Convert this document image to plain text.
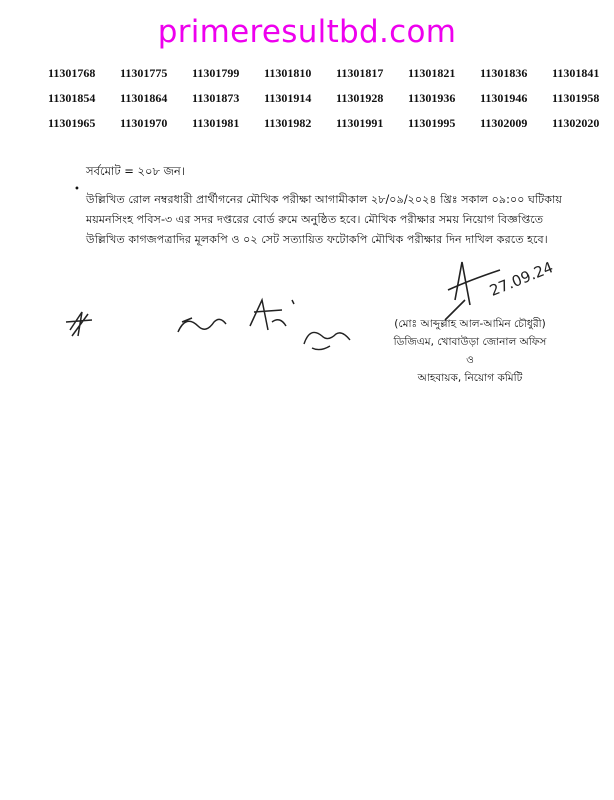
primeresultbd.com
11301768	11301775	11301799	11301810	11301817	11301821	11301836	11301841
11301854	11301864	11301873	11301914	11301928	11301936	11301946	11301958
11301965	11301970	11301981	11301982	11301991	11301995	11302009	11302020
সর্বমোট = ২০৮ জন।
•
উল্লিখিত রোল নম্বরধারী প্রার্থীগনের মৌখিক পরীক্ষা আগামীকাল ২৮/০৯/২০২৪ খ্রিঃ সকাল ০৯:০০ ঘটিকায়
ময়মনসিংহ পবিস-৩ এর সদর দপ্তরের বোর্ড রুমে অনুষ্ঠিত হবে। মৌখিক পরীক্ষার সময় নিয়োগ বিজ্ঞপ্তিতে
উল্লিখিত কাগজপত্রাদির মূলকপি ও ০২ সেট সত্যায়িত ফটোকপি মৌখিক পরীক্ষার দিন দাখিল করতে হবে।
27.09.24
(মোঃ আব্দুল্লাহ আল-আমিন চৌধুরী)
ডিজিএম, খোবাউড়া জোনাল অফিস
ও
আহবায়ক, নিয়োগ কমিটি
